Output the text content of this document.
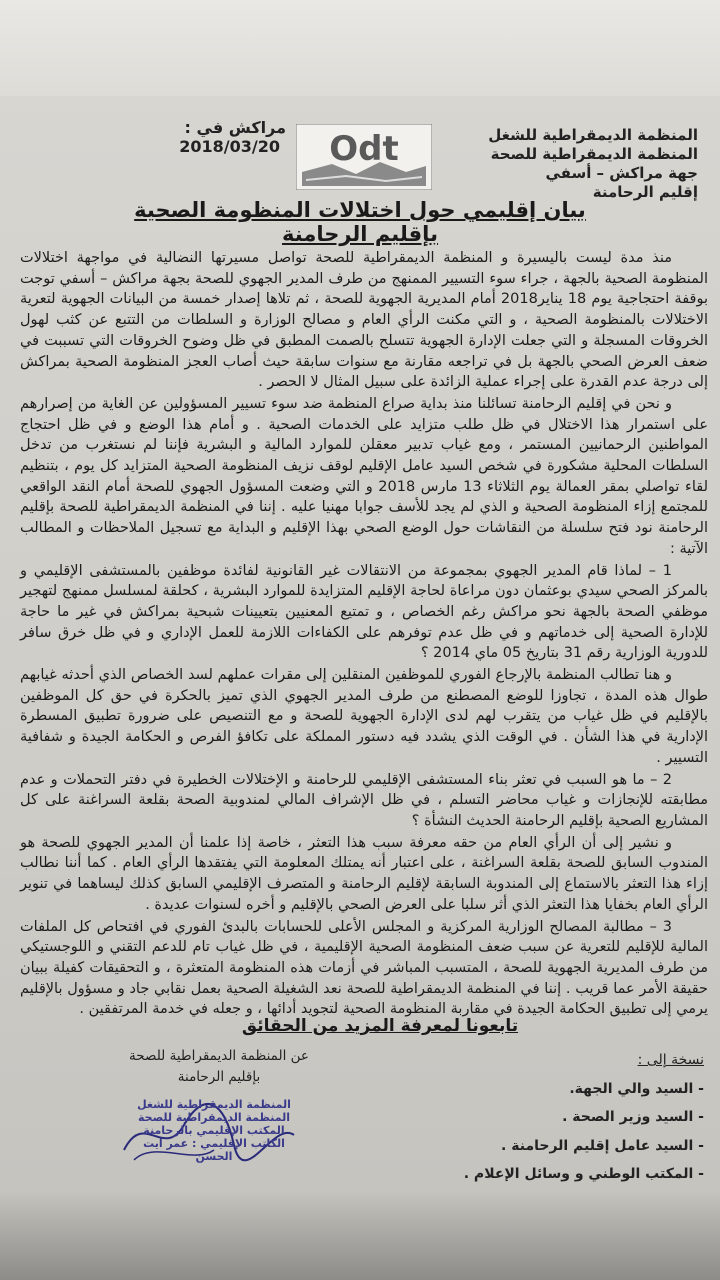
مراكش في : 2018/03/20 Odt	المنظمة الديمقراطية للشغل
المنظمة الديمقراطية للصحة
جهة مراكش – أسفي
إقليم الرحامنة
بيان إقليمي حول اختلالات المنظومة الصحية بإقليم الرحامنة

منذ مدة ليست باليسيرة و المنظمة الديمقراطية للصحة تواصل مسيرتها النضالية في مواجهة اختلالات المنظومة الصحية بالجهة ، جراء سوء التسيير الممنهج من طرف المدير الجهوي للصحة بجهة مراكش – أسفي توجت بوقفة احتجاجية يوم 18 يناير2018 أمام المديرية الجهوية للصحة ، ثم تلاها إصدار خمسة من البيانات الجهوية لتعرية الاختلالات بالمنظومة الصحية ، و التي مكنت الرأي العام و مصالح الوزارة و السلطات من التتبع عن كثب لهول الخروقات المسجلة و التي جعلت الإدارة الجهوية تتسلح بالصمت المطبق في ظل وضوح الخروقات التي تسببت في ضعف العرض الصحي بالجهة بل في تراجعه مقارنة مع سنوات سابقة حيث أصاب العجز المنظومة الصحية بمراكش إلى درجة عدم القدرة على إجراء عملية الزائدة على سبيل المثال لا الحصر .

و نحن في إقليم الرحامنة تسائلنا منذ بداية صراع المنظمة ضد سوء تسيير المسؤولين عن الغاية من إصرارهم على استمرار هذا الاختلال في ظل طلب متزايد على الخدمات الصحية . و أمام هذا الوضع و في ظل احتجاج المواطنين الرحمانيين المستمر ، ومع غياب تدبير معقلن للموارد المالية و البشرية فإننا لم نستغرب من تدخل السلطات المحلية مشكورة في شخص السيد عامل الإقليم لوقف نزيف المنظومة الصحية المتزايد كل يوم ، بتنظيم لقاء تواصلي بمقر العمالة يوم الثلاثاء 13 مارس 2018 و التي وضعت المسؤول الجهوي للصحة أمام النقد الواقعي للمجتمع إزاء المنظومة الصحية و الذي لم يجد للأسف جوابا مهنيا عليه . إننا في المنظمة الديمقراطية للصحة بإقليم الرحامنة نود فتح سلسلة من النقاشات حول الوضع الصحي بهذا الإقليم و البداية مع تسجيل الملاحظات و المطالب الآتية :

1 – لماذا قام المدير الجهوي بمجموعة من الانتقالات غير القانونية لفائدة موظفين بالمستشفى الإقليمي و بالمركز الصحي سيدي بوعثمان دون مراعاة لحاجة الإقليم المتزايدة للموارد البشرية ، كحلقة لمسلسل ممنهج لتهجير موظفي الصحة بالجهة نحو مراكش رغم الخصاص ، و تمتيع المعنيين بتعيينات شبحية بمراكش في غير ما حاجة للإدارة الصحية إلى خدماتهم و في ظل عدم توفرهم على الكفاءات اللازمة للعمل الإداري و في ظل خرق سافر للدورية الوزارية رقم 31 بتاريخ 05 ماي 2014 ؟

و هنا تطالب المنظمة بالإرجاع الفوري للموظفين المنقلين إلى مقرات عملهم لسد الخصاص الذي أحدثه غيابهم طوال هذه المدة ، تجاوزا للوضع المصطنع من طرف المدير الجهوي الذي تميز بالحكرة في حق كل الموظفين بالإقليم في ظل غياب من يتقرب لهم لدى الإدارة الجهوية للصحة و مع التنصيص على ضرورة تطبيق المسطرة الإدارية في هذا الشأن . في الوقت الذي يشدد فيه دستور المملكة على تكافؤ الفرص و الحكامة الجيدة و شفافية التسيير .

2 – ما هو السبب في تعثر بناء المستشفى الإقليمي للرحامنة و الإختلالات الخطيرة في دفتر التحملات و عدم مطابقته للإنجازات و غياب محاضر التسلم ، في ظل الإشراف المالي لمندوبية الصحة بقلعة السراغنة على كل المشاريع الصحية بإقليم الرحامنة الحديث النشأة ؟

و نشير إلى أن الرأي العام من حقه معرفة سبب هذا التعثر ، خاصة إذا علمنا أن المدير الجهوي للصحة هو المندوب السابق للصحة بقلعة السراغنة ، على اعتبار أنه يمتلك المعلومة التي يفتقدها الرأي العام . كما أننا نطالب إزاء هذا التعثر بالاستماع إلى المندوبة السابقة لإقليم الرحامنة و المتصرف الإقليمي السابق كذلك ليساهما في تنوير الرأي العام بخفايا هذا التعثر الذي أثر سلبا على العرض الصحي بالإقليم و أخره لسنوات عديدة .

3 – مطالبة المصالح الوزارية المركزية و المجلس الأعلى للحسابات بالبدئ الفوري في افتحاص كل الملفات المالية للإقليم للتعرية عن سبب ضعف المنظومة الصحية الإقليمية ، في ظل غياب تام للدعم التقني و اللوجستيكي من طرف المديرية الجهوية للصحة ، المتسبب المباشر في أزمات هذه المنظومة المتعثرة ، و التحقيقات كفيلة ببيان حقيقة الأمر عما قريب . إننا في المنظمة الديمقراطية للصحة نعد الشغيلة الصحية بعمل نقابي جاد و مسؤول بالإقليم يرمي إلى تطبيق الحكامة الجيدة في مقاربة المنظومة الصحية لتجويد أدائها ، و جعله في خدمة المرتفقين .

تابعونا لمعرفة المزيد من الحقائق
عن المنظمة الديمقراطية للصحة
بإقليم الرحامنة
المنظمة الديمقراطية للشغل
المنظمة الديمقراطية للصحة
المكتب الإقليمي بالرحامنة
الكاتب الإقليمي : عمر ايت الحسن
نسخة إلى :
- السيد والي الجهة.
- السيد وزير الصحة .
- السيد عامل إقليم الرحامنة .
- المكتب الوطني و وسائل الإعلام .
